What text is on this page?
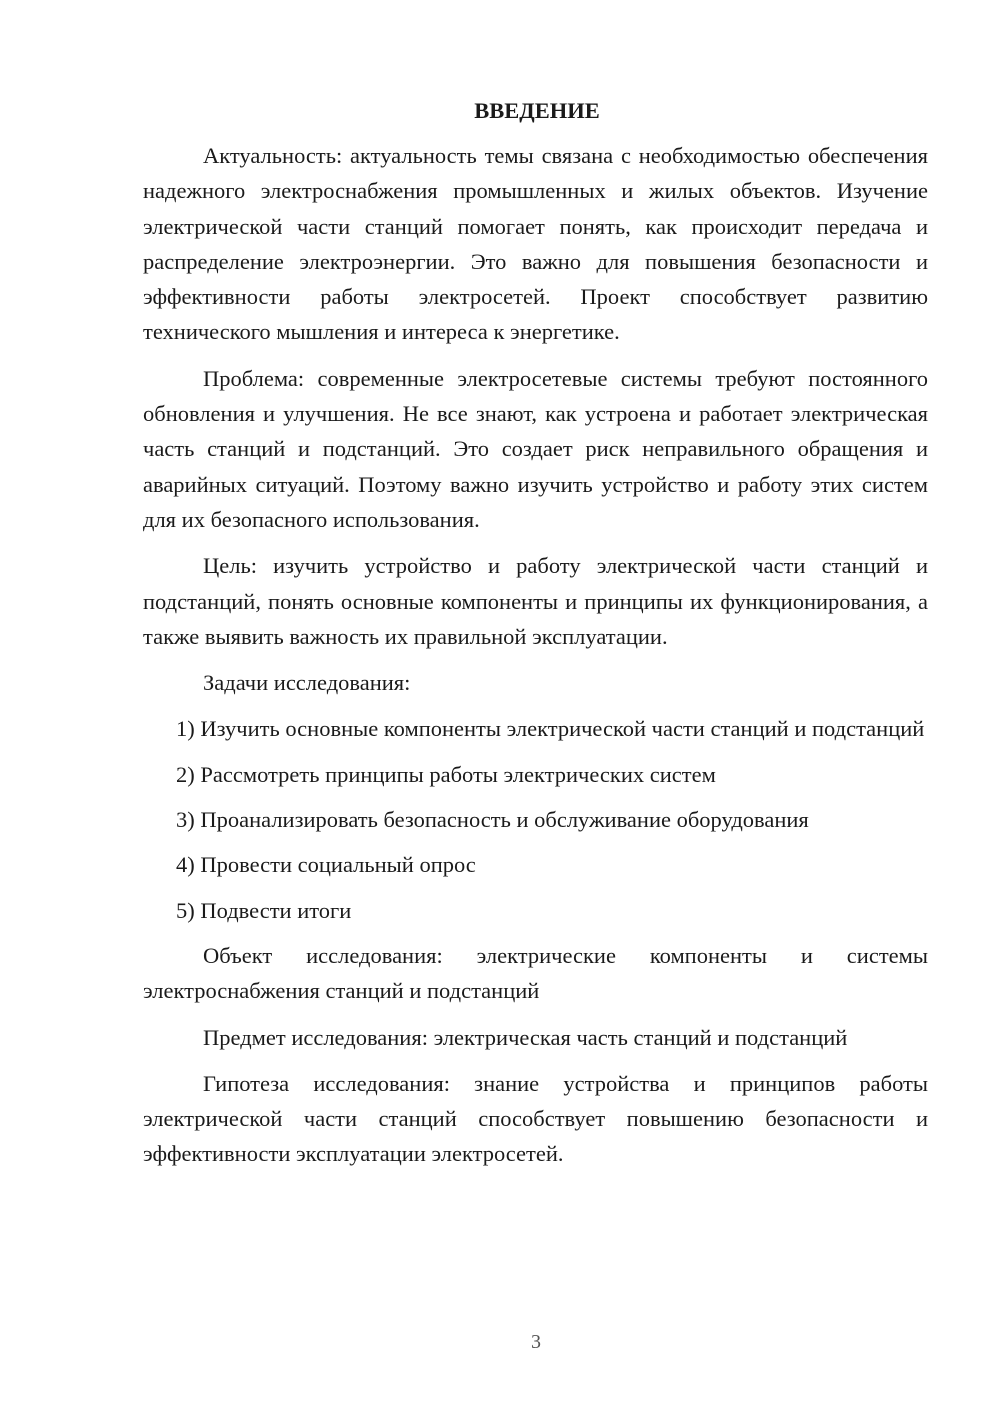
ВВЕДЕНИЕ

Актуальность: актуальность темы связана с необходимостью обеспечения надежного электроснабжения промышленных и жилых объектов. Изучение электрической части станций помогает понять, как происходит передача и распределение электроэнергии. Это важно для повышения безопасности и эффективности работы электросетей. Проект способствует развитию технического мышления и интереса к энергетике.

Проблема: современные электросетевые системы требуют постоянного обновления и улучшения. Не все знают, как устроена и работает электрическая часть станций и подстанций. Это создает риск неправильного обращения и аварийных ситуаций. Поэтому важно изучить устройство и работу этих систем для их безопасного использования.

Цель: изучить устройство и работу электрической части станций и подстанций, понять основные компоненты и принципы их функционирования, а также выявить важность их правильной эксплуатации.

Задачи исследования:

1) Изучить основные компоненты электрической части станций и подстанций

2) Рассмотреть принципы работы электрических систем

3) Проанализировать безопасность и обслуживание оборудования

4) Провести социальный опрос

5) Подвести итоги

Объект исследования: электрические компоненты и системы электроснабжения станций и подстанций

Предмет исследования: электрическая часть станций и подстанций

Гипотеза исследования: знание устройства и принципов работы электрической части станций способствует повышению безопасности и эффективности эксплуатации электросетей.

3
